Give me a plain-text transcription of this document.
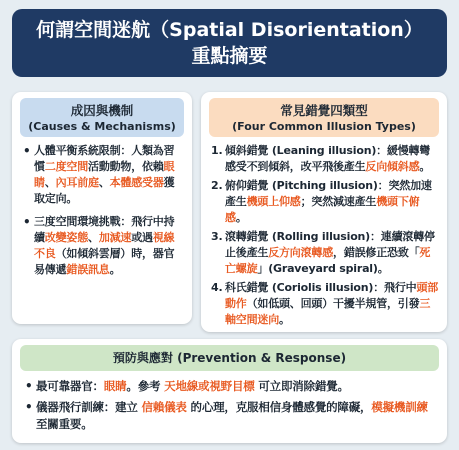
何謂空間迷航（Spatial Disorientation）
重點摘要
成因與機制
(Causes & Mechanisms)
• 人體平衡系統限制：人類為習慣二度空間活動動物，依賴眼睛、內耳前庭、本體感受器獲取定向。
• 三度空間環境挑戰：飛行中持續改變姿態、加減速或遇視線不良（如傾斜雲層）時，器官易傳遞錯誤訊息。
常見錯覺四類型
(Four Common Illusion Types)
1. 傾斜錯覺 (Leaning illusion)：緩慢轉彎感受不到傾斜，改平飛後產生反向傾斜感。
2. 俯仰錯覺 (Pitching illusion)：突然加速產生機頭上仰感；突然減速產生機頭下俯感。
3. 滾轉錯覺 (Rolling illusion)：連續滾轉停止後產生反方向滾轉感，錯誤修正恐致「死亡螺旋」(Graveyard spiral)。
4. 科氏錯覺 (Coriolis illusion)：飛行中頭部動作（如低頭、回頭）干擾半規管，引發三軸空間迷向。
預防與應對 (Prevention & Response)
• 最可靠器官：眼睛。參考 天地線或視野目標 可立即消除錯覺。
• 儀器飛行訓練：建立 信賴儀表 的心理，克服相信身體感覺的障礙，模擬機訓練 至關重要。
